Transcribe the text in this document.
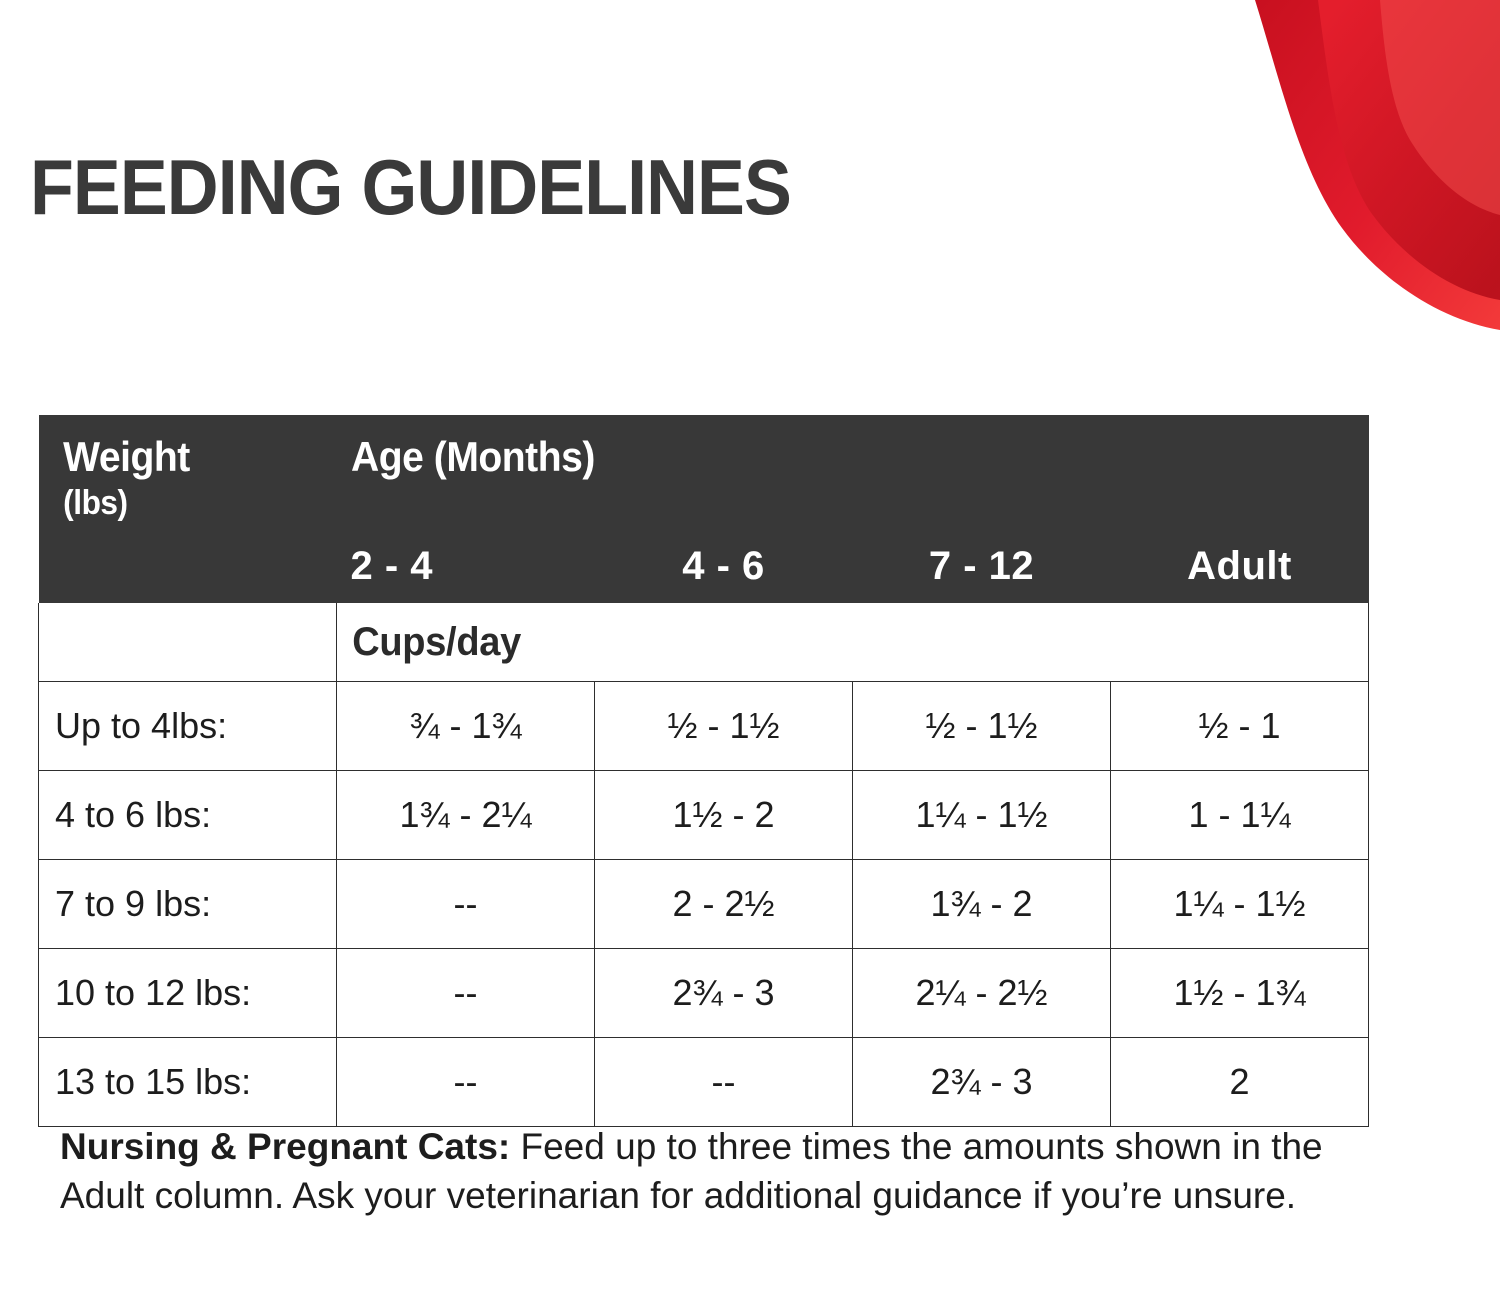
FEEDING GUIDELINES
Weight
(lbs)

Age (Months)
2 - 4	4 - 6	7 - 12	Adult

	Cups/day			
Up to 4lbs:	¾ - 1¾	½ - 1½	½ - 1½	½ - 1
4 to 6 lbs:	1¾ - 2¼	1½ - 2	1¼ - 1½	1 - 1¼
7 to 9 lbs:	--	2 - 2½	1¾ - 2	1¼ - 1½
10 to 12 lbs:	--	2¾ - 3	2¼ - 2½	1½ - 1¾
13 to 15 lbs:	--	--	2¾ - 3	2
Nursing & Pregnant Cats: Feed up to three times the amounts shown in the Adult column. Ask your veterinarian for additional guidance if you’re unsure.
